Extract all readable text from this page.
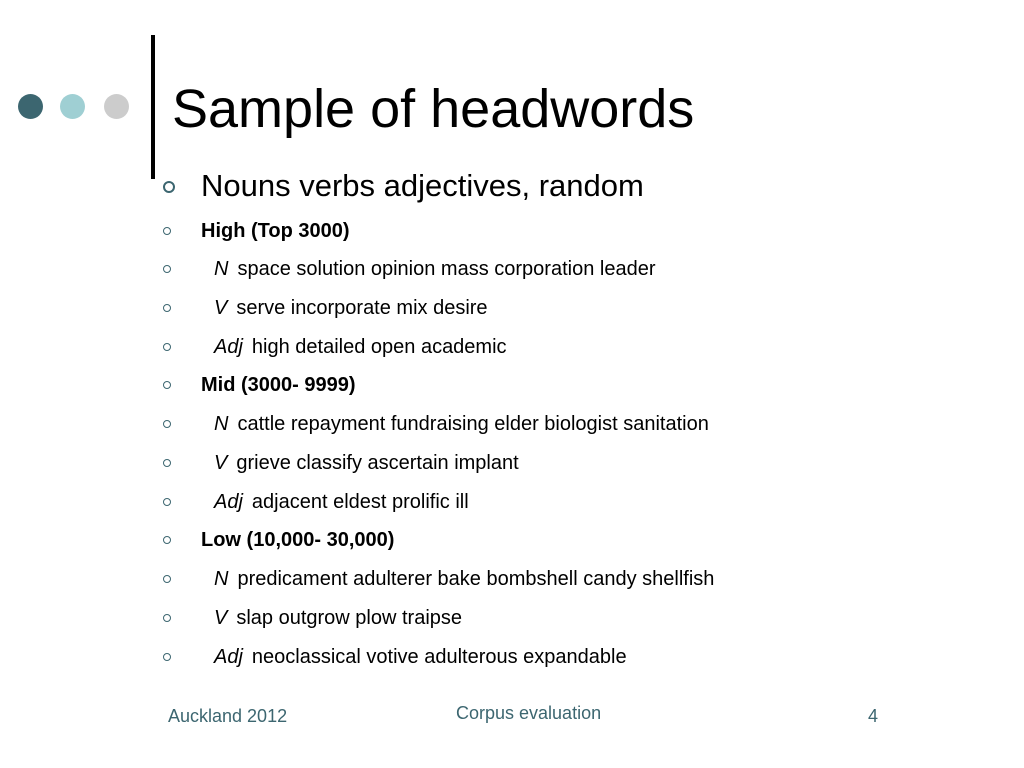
Sample of headwords
Nouns verbs adjectives, random
High (Top 3000)
N space solution opinion mass corporation leader
V serve incorporate mix desire
Adj high detailed open academic
Mid (3000- 9999)
N cattle repayment fundraising elder biologist sanitation
V grieve classify ascertain implant
Adj adjacent eldest prolific ill
Low (10,000- 30,000)
N predicament adulterer bake bombshell candy shellfish
V slap outgrow plow traipse
Adj neoclassical votive adulterous expandable
Auckland 2012	Corpus evaluation	4
